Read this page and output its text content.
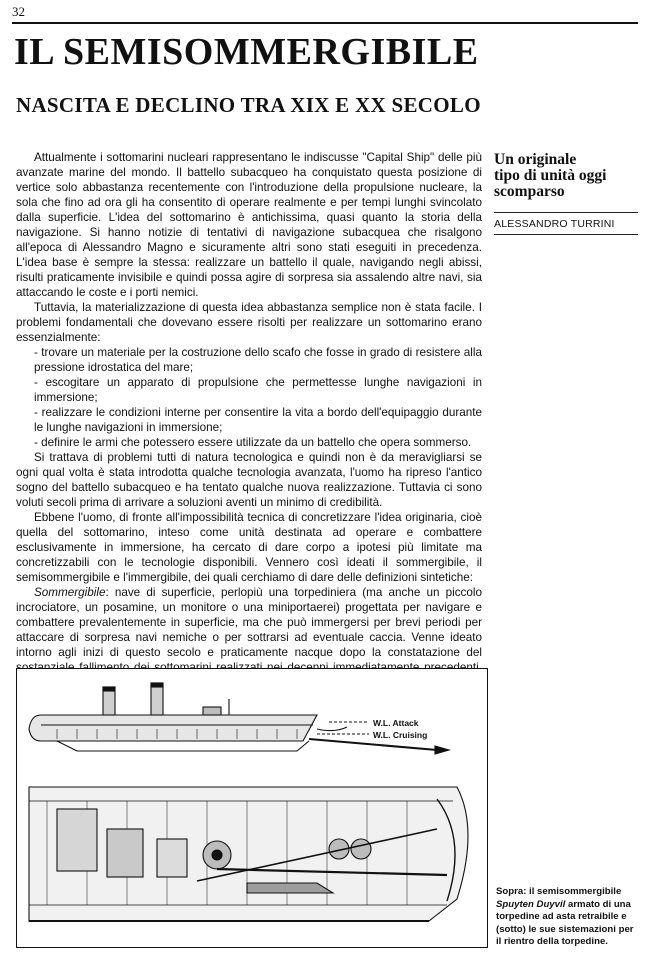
32
IL SEMISOMMERGIBILE
NASCITA E DECLINO TRA XIX E XX SECOLO

Attualmente i sottomarini nucleari rappresentano le indiscusse "Capital Ship" delle più avanzate marine del mondo. Il battello subacqueo ha conquistato questa posizione di vertice solo abbastanza recentemente con l'introduzione della propulsione nucleare, la sola che fino ad ora gli ha consentito di operare realmente e per tempi lunghi svincolato dalla superficie. L'idea del sottomarino è antichissima, quasi quanto la storia della navigazione. Si hanno notizie di tentativi di navigazione subacquea che risalgono all'epoca di Alessandro Magno e sicuramente altri sono stati eseguiti in precedenza. L'idea base è sempre la stessa: realizzare un battello il quale, navigando negli abissi, risulti praticamente invisibile e quindi possa agire di sorpresa sia assalendo altre navi, sia attaccando le coste e i porti nemici.

Tuttavia, la materializzazione di questa idea abbastanza semplice non è stata facile. I problemi fondamentali che dovevano essere risolti per realizzare un sottomarino erano essenzialmente:

- trovare un materiale per la costruzione dello scafo che fosse in grado di resistere alla pressione idrostatica del mare;

- escogitare un apparato di propulsione che permettesse lunghe navigazioni in immersione;

- realizzare le condizioni interne per consentire la vita a bordo dell'equipaggio durante le lunghe navigazioni in immersione;

- definire le armi che potessero essere utilizzate da un battello che opera sommerso.

Si trattava di problemi tutti di natura tecnologica e quindi non è da meravigliarsi se ogni qual volta è stata introdotta qualche tecnologia avanzata, l'uomo ha ripreso l'antico sogno del battello subacqueo e ha tentato qualche nuova realizzazione. Tuttavia ci sono voluti secoli prima di arrivare a soluzioni aventi un minimo di credibilità.

Ebbene l'uomo, di fronte all'impossibilità tecnica di concretizzare l'idea originaria, cioè quella del sottomarino, inteso come unità destinata ad operare e combattere esclusivamente in immersione, ha cercato di dare corpo a ipotesi più limitate ma concretizzabili con le tecnologie disponibili. Vennero così ideati il sommergibile, il semisommergibile e l'immergibile, dei quali cerchiamo di dare delle definizioni sintetiche:

Sommergibile: nave di superficie, perlopiù una torpediniera (ma anche un piccolo incrociatore, un posamine, un monitore o una miniportaerei) progettata per navigare e combattere prevalentemente in superficie, ma che può immergersi per brevi periodi per attaccare di sorpresa navi nemiche o per sottrarsi ad eventuale caccia. Venne ideato intorno agli inizi di questo secolo e praticamente nacque dopo la constatazione del

Un originale
tipo di unità oggi
scomparso

ALESSANDRO TURRINI
W.L. Attack
W.L. Cruising
Sopra: il semisommergibile Spuyten Duyvil armato di una torpedine ad asta retraibile e (sotto) le sue sistemazioni per il rientro della torpedine.
